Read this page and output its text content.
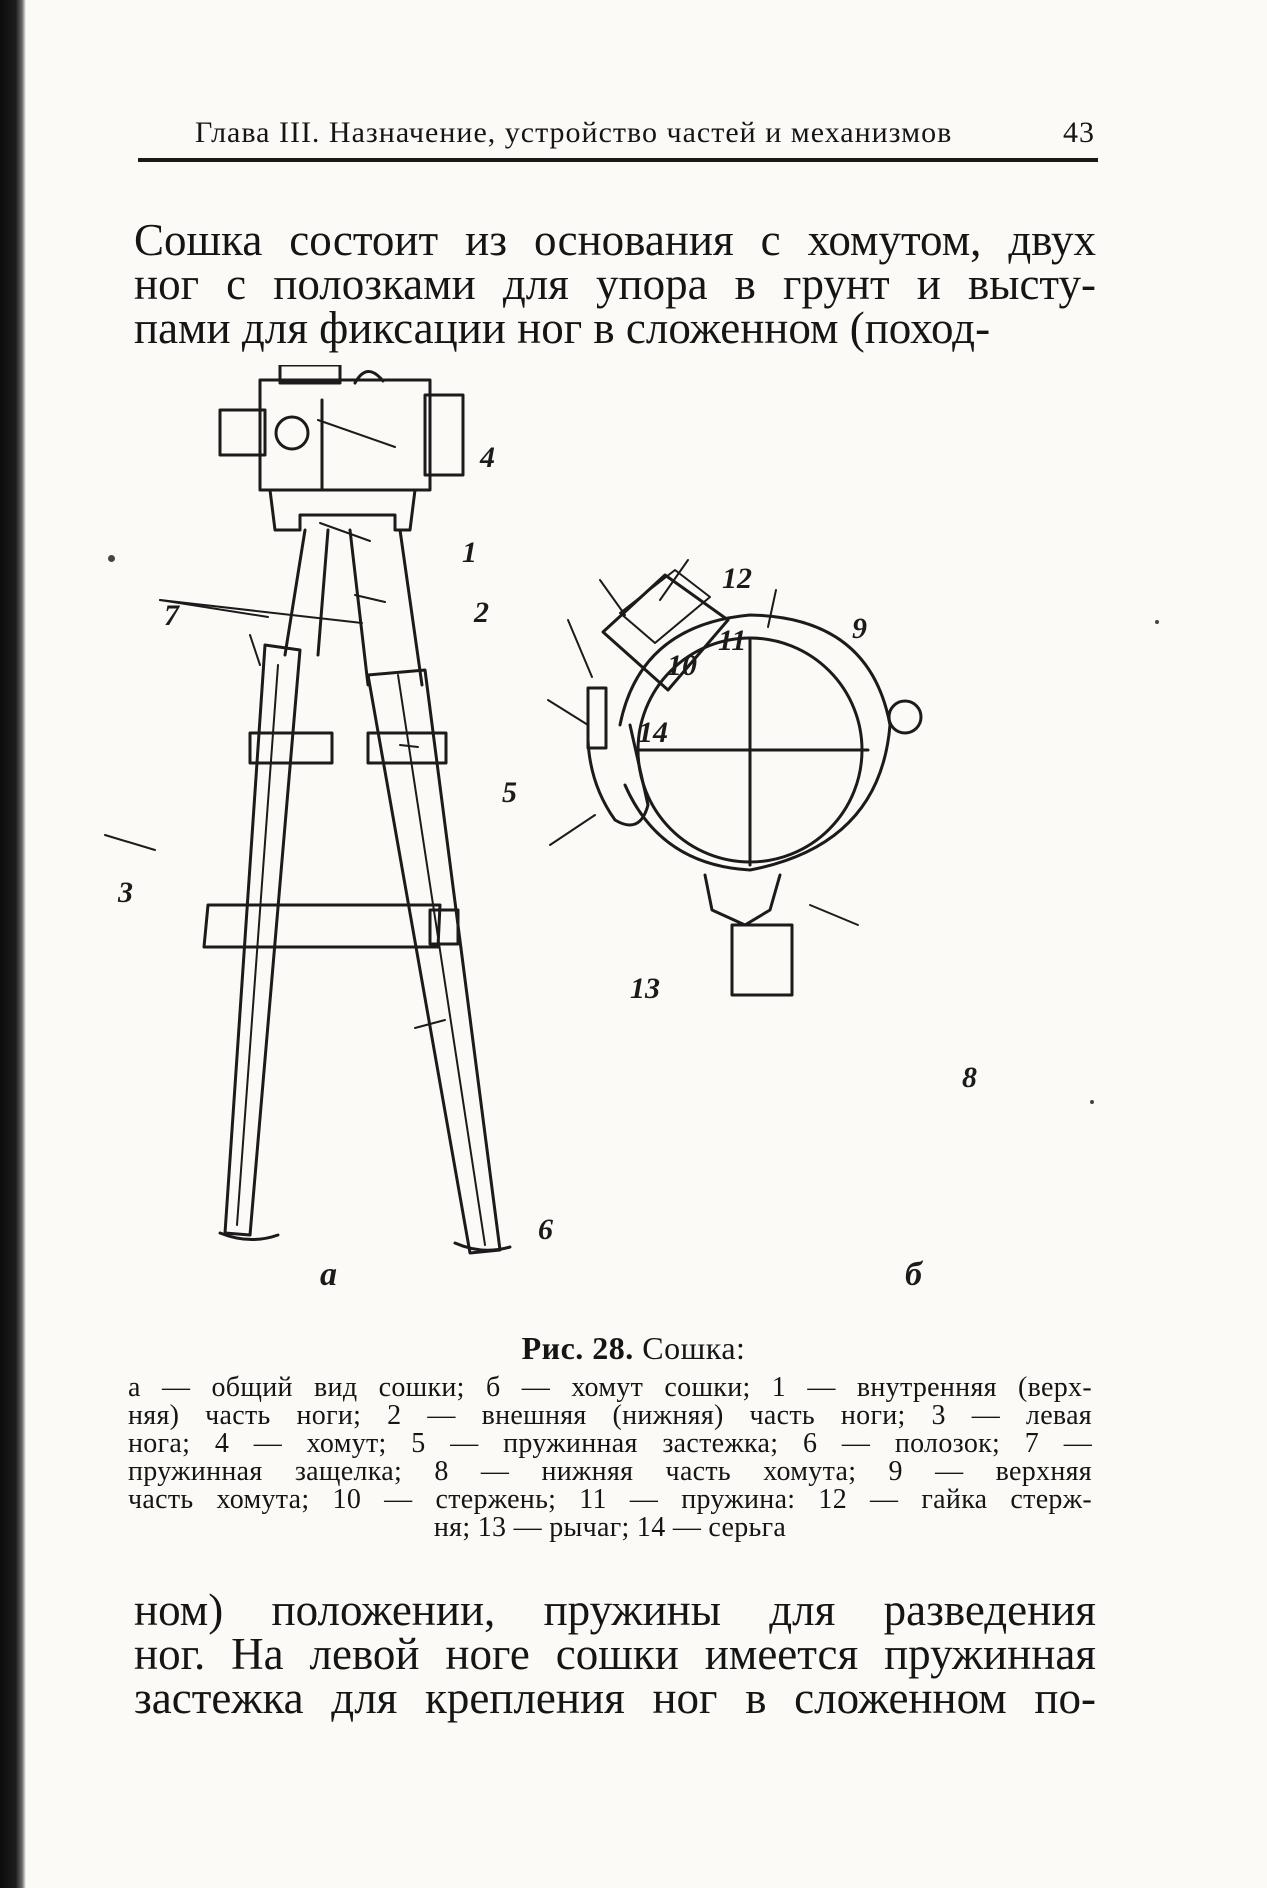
Глава III. Назначение, устройство частей и механизмов	43
Сошка состоит из основания с хомутом, двух
ног с полозками для упора в грунт и высту-
пами для фиксации ног в сложенном (поход-
4
1
2
7
5
3
6
9
12
11
10
14
13
8
а	б
Рис. 28. Сошка:
а — общий вид сошки; б — хомут сошки; 1 — внутренняя (верх-
няя) часть ноги; 2 — внешняя (нижняя) часть ноги; 3 — левая
нога; 4 — хомут; 5 — пружинная застежка; 6 — полозок; 7 —
пружинная защелка; 8 — нижняя часть хомута; 9 — верхняя
часть хомута; 10 — стержень; 11 — пружина: 12 — гайка стерж-
ня; 13 — рычаг; 14 — серьга
ном) положении, пружины для разведения
ног. На левой ноге сошки имеется пружинная
застежка для крепления ног в сложенном по-
